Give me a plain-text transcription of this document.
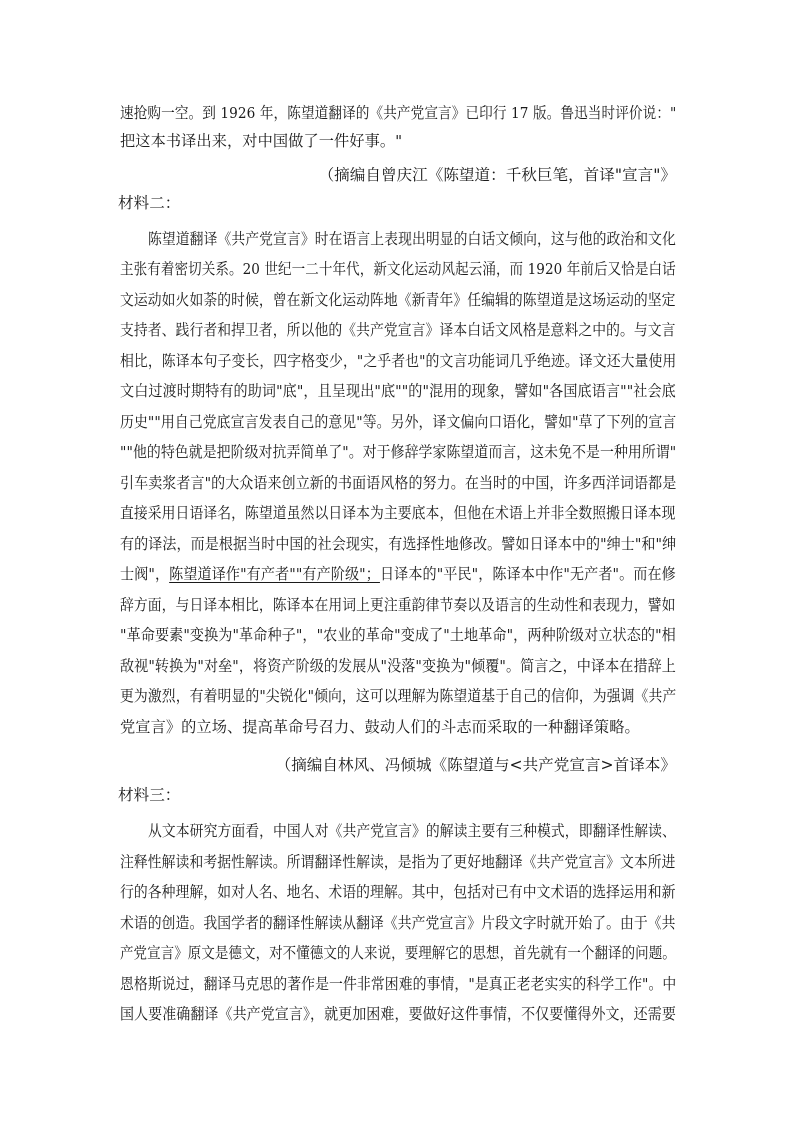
速抢购一空。到 1926 年，陈望道翻译的《共产党宣言》已印行 17 版。鲁迅当时评价说："
把这本书译出来，对中国做了一件好事。"
（摘编自曾庆江《陈望道：千秋巨笔，首译"宣言"》
材料二：
陈望道翻译《共产党宣言》时在语言上表现出明显的白话文倾向，这与他的政治和文化
主张有着密切关系。20 世纪一二十年代，新文化运动风起云涌，而 1920 年前后又恰是白话
文运动如火如荼的时候，曾在新文化运动阵地《新青年》任编辑的陈望道是这场运动的坚定
支持者、践行者和捍卫者，所以他的《共产党宣言》译本白话文风格是意料之中的。与文言
相比，陈译本句子变长，四字格变少，"之乎者也"的文言功能词几乎绝迹。译文还大量使用
文白过渡时期特有的助词"底"，且呈现出"底""的"混用的现象，譬如"各国底语言""社会底
历史""用自己党底宣言发表自己的意见"等。另外，译文偏向口语化，譬如"草了下列的宣言
""他的特色就是把阶级对抗弄简单了"。对于修辞学家陈望道而言，这未免不是一种用所谓"
引车卖浆者言"的大众语来创立新的书面语风格的努力。在当时的中国，许多西洋词语都是
直接采用日语译名，陈望道虽然以日译本为主要底本，但他在术语上并非全数照搬日译本现
有的译法，而是根据当时中国的社会现实，有选择性地修改。譬如日译本中的"绅士"和"绅
士阀"，陈望道译作"有产者""有产阶级"；日译本的"平民"，陈译本中作"无产者"。而在修
辞方面，与日译本相比，陈译本在用词上更注重韵律节奏以及语言的生动性和表现力，譬如
"革命要素"变换为"革命种子"，"农业的革命"变成了"土地革命"，两种阶级对立状态的"相
敌视"转换为"对垒"，将资产阶级的发展从"没落"变换为"倾覆"。简言之，中译本在措辞上
更为激烈，有着明显的"尖锐化"倾向，这可以理解为陈望道基于自己的信仰，为强调《共产
党宣言》的立场、提高革命号召力、鼓动人们的斗志而采取的一种翻译策略。
（摘编自林风、冯倾城《陈望道与<共产党宣言>首译本》
材料三：
从文本研究方面看，中国人对《共产党宣言》的解读主要有三种模式，即翻译性解读、
注释性解读和考据性解读。所谓翻译性解读，是指为了更好地翻译《共产党宣言》文本所进
行的各种理解，如对人名、地名、术语的理解。其中，包括对已有中文术语的选择运用和新
术语的创造。我国学者的翻译性解读从翻译《共产党宣言》片段文字时就开始了。由于《共
产党宣言》原文是德文，对不懂德文的人来说，要理解它的思想，首先就有一个翻译的问题。
恩格斯说过，翻译马克思的著作是一件非常困难的事情，"是真正老老实实的科学工作"。中
国人要准确翻译《共产党宣言》，就更加困难，要做好这件事情，不仅要懂得外文，还需要
